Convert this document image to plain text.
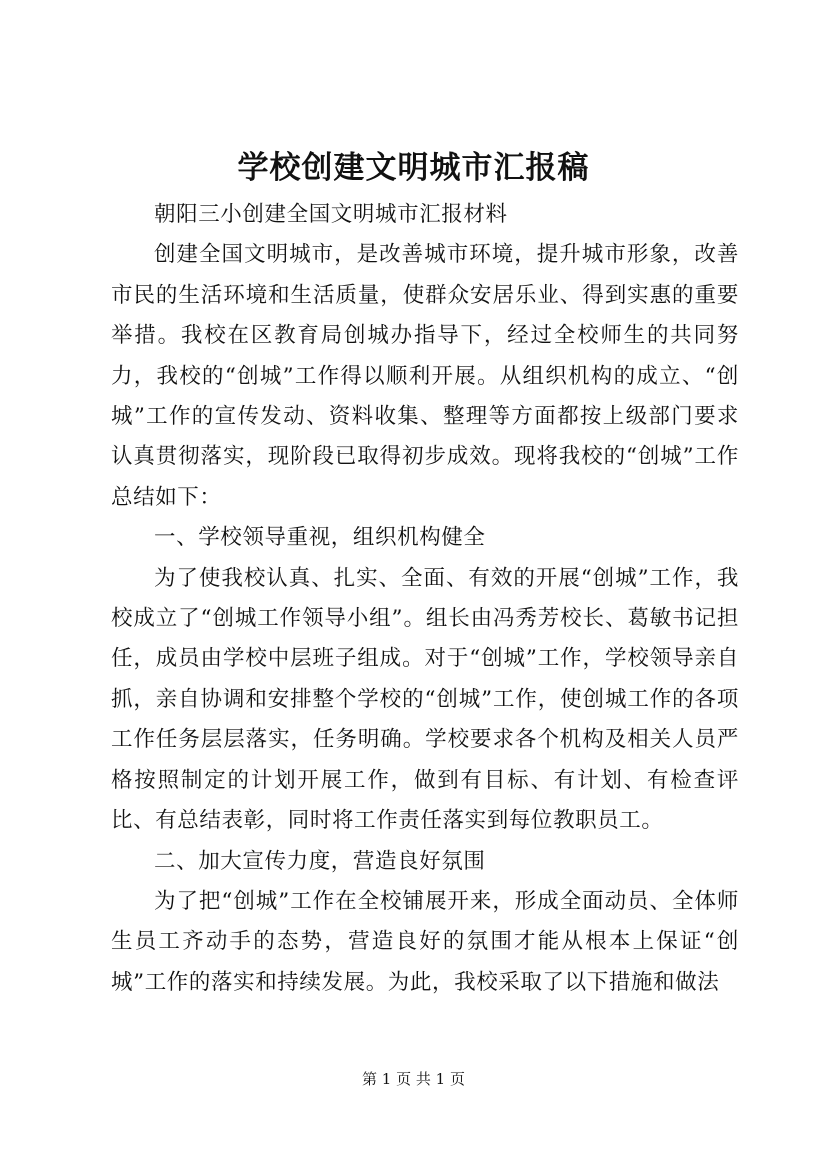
学校创建文明城市汇报稿

朝阳三小创建全国文明城市汇报材料

创建全国文明城市，是改善城市环境，提升城市形象，改善市民的生活环境和生活质量，使群众安居乐业、得到实惠的重要举措。我校在区教育局创城办指导下，经过全校师生的共同努力，我校的“创城”工作得以顺利开展。从组织机构的成立、“创城”工作的宣传发动、资料收集、整理等方面都按上级部门要求认真贯彻落实，现阶段已取得初步成效。现将我校的“创城”工作总结如下：

一、学校领导重视，组织机构健全

为了使我校认真、扎实、全面、有效的开展“创城”工作，我校成立了“创城工作领导小组”。组长由冯秀芳校长、葛敏书记担任，成员由学校中层班子组成。对于“创城”工作，学校领导亲自抓，亲自协调和安排整个学校的“创城”工作，使创城工作的各项工作任务层层落实，任务明确。学校要求各个机构及相关人员严格按照制定的计划开展工作，做到有目标、有计划、有检查评比、有总结表彰，同时将工作责任落实到每位教职员工。

二、加大宣传力度，营造良好氛围

为了把“创城”工作在全校铺展开来，形成全面动员、全体师生员工齐动手的态势，营造良好的氛围才能从根本上保证“创城”工作的落实和持续发展。为此，我校采取了以下措施和做法

第 1 页 共 1 页
